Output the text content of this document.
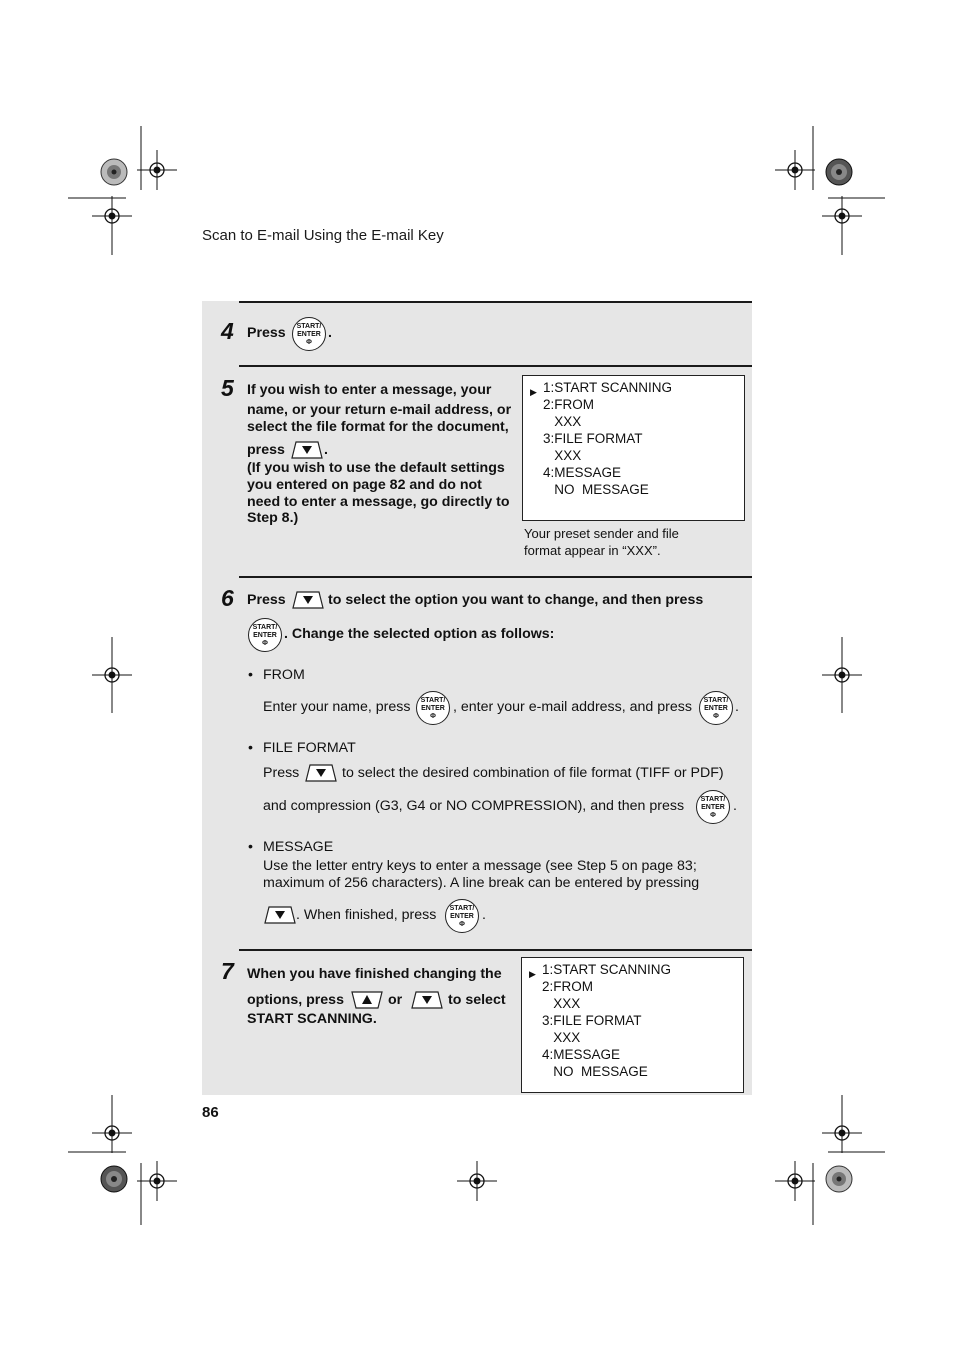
Scan to E-mail Using the E-mail Key
4 Press	START/
ENTER
Φ
.
5 If you wish to enter a message, your
name, or your return e-mail address, or
select the file format for the document,
press	.
(If you wish to use the default settings
you entered on page 82 and do not
need to enter a message, go directly to
Step 8.)
▶ 1:START SCANNING
2:FROM
XXX
3:FILE FORMAT
XXX
4:MESSAGE
NO  MESSAGE
Your preset sender and file
format appear in “XXX”.
6 Press	to select the option you want to change, and then press
START/
ENTER
Φ
. Change the selected option as follows:
• FROM
Enter your name, press	START/
ENTER
Φ
, enter your e-mail address, and press	START/
ENTER
Φ
.
• FILE FORMAT
Press	to select the desired combination of file format (TIFF or PDF)
and compression (G3, G4 or NO COMPRESSION), and then press	START/
ENTER
Φ
.
• MESSAGE
Use the letter entry keys to enter a message (see Step 5 on page 83;
maximum of 256 characters). A line break can be entered by pressing
. When finished, press	START/
ENTER
Φ
.
7 When you have finished changing the
options, press	or	to select
START SCANNING.
▶ 1:START SCANNING
2:FROM
XXX
3:FILE FORMAT
XXX
4:MESSAGE
NO  MESSAGE
86
